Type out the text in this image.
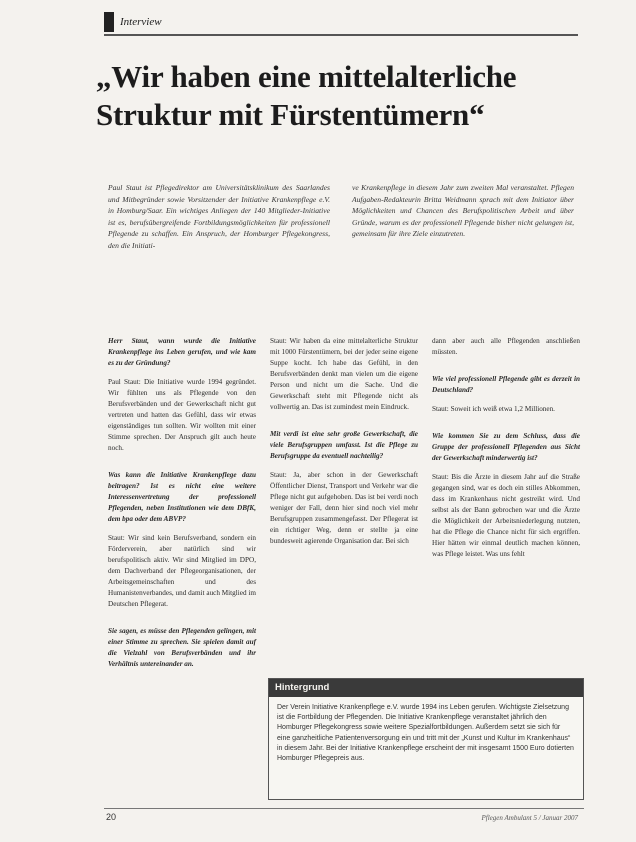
Interview
„Wir haben eine mittelalterliche Struktur mit Fürstentümern“

Paul Staut ist Pflegedirektor am Universitätsklinikum des Saarlandes und Mitbegründer sowie Vorsitzender der Initiative Krankenpflege e.V. in Homburg/Saar. Ein wichtiges Anliegen der 140 Mitglieder-Initiative ist es, berufsübergreifende Fortbildungsmöglichkeiten für professionell Pflegende zu schaffen. Ein Anspruch, der Homburger Pflegekongress, den die Initiati-

ve Krankenpflege in diesem Jahr zum zweiten Mal veranstaltet. Pflegen Aufgaben-Redakteurin Britta Weidmann sprach mit dem Initiator über Möglichkeiten und Chancen des Berufspolitischen Arbeit und über Gründe, warum es der professionell Pflegende bisher nicht gelungen ist, gemeinsam für ihre Ziele einzutreten.

Herr Staut, wann wurde die Initiative Krankenpflege ins Leben gerufen, und wie kam es zu der Gründung?

Paul Staut: Die Initiative wurde 1994 gegründet. Wir fühlten uns als Pflegende von den Berufsverbänden und der Gewerkschaft nicht gut vertreten und hatten das Gefühl, dass wir etwas eigenständiges tun sollten. Wir wollten mit einer Stimme sprechen. Der Anspruch gilt auch heute noch.

Was kann die Initiative Krankenpflege dazu beitragen? Ist es nicht eine weitere Interessenvertretung der professionell Pflegenden, neben Institutionen wie dem DBfK, dem bpa oder dem ABVP?

Staut: Wir sind kein Berufsverband, sondern ein Förderverein, aber natürlich sind wir berufspolitisch aktiv. Wir sind Mitglied im DPO, dem Dachverband der Pflegeorganisationen, der Arbeitsgemeinschaften und des Humanistenverbandes, und damit auch Mitglied im Deutschen Pflegerat.

Sie sagen, es müsse den Pflegenden gelingen, mit einer Stimme zu sprechen. Sie spielen damit auf die Vielzahl von Berufsverbänden und ihr Verhältnis untereinander an.

Staut: Wir haben da eine mittelalterliche Struktur mit 1000 Fürstentümern, bei der jeder seine eigene Suppe kocht. Ich habe das Gefühl, in den Berufsverbänden denkt man vielen um die eigene Person und nicht um die Sache. Und die Gewerkschaft steht mit Pflegende nicht als vollwertig an. Das ist zumindest mein Eindruck.

Mit verdi ist eine sehr große Gewerkschaft, die viele Berufsgruppen umfasst. Ist die Pflege zu Berufsgruppe da eventuell nachteilig?

Staut: Ja, aber schon in der Gewerkschaft Öffentlicher Dienst, Transport und Verkehr war die Pflege nicht gut aufgehoben. Das ist bei verdi noch weniger der Fall, denn hier sind noch viel mehr Berufsgruppen zusammengefasst. Der Pflegerat ist ein richtiger Weg, denn er stellte ja eine bundesweit agierende Organisation dar. Bei sich

dann aber auch alle Pflegenden anschließen müssten.

Wie viel professionell Pflegende gibt es derzeit in Deutschland?

Staut: Soweit ich weiß etwa 1,2 Millionen.

Wie kommen Sie zu dem Schluss, dass die Gruppe der professionell Pflegenden aus Sicht der Gewerkschaft minderwertig ist?

Staut: Bis die Ärzte in diesem Jahr auf die Straße gegangen sind, war es doch ein stilles Abkommen, dass im Krankenhaus nicht gestreikt wird. Und selbst als der Bann gebrochen war und die Ärzte die Möglichkeit der Arbeitsniederlegung nutzten, hat die Pflege die Chance nicht für sich ergriffen. Hier hätten wir einmal deutlich machen können, was Pflege leistet. Was uns fehlt

Hintergrund

Der Verein Initiative Krankenpflege e.V. wurde 1994 ins Leben gerufen. Wichtigste Zielsetzung ist die Fortbildung der Pflegenden. Die Initiative Krankenpflege veranstaltet jährlich den Homburger Pflegekongress sowie weitere Spezialfortbildungen. Außerdem setzt sie sich für eine ganzheitliche Patientenversorgung ein und tritt mit der „Kunst und Kultur im Krankenhaus“ in diesem Jahr. Bei der Initiative Krankenpflege erscheint der mit insgesamt 1500 Euro dotierten Homburger Pflegepreis aus.

20	Pflegen Ambulant 5 / Januar 2007
